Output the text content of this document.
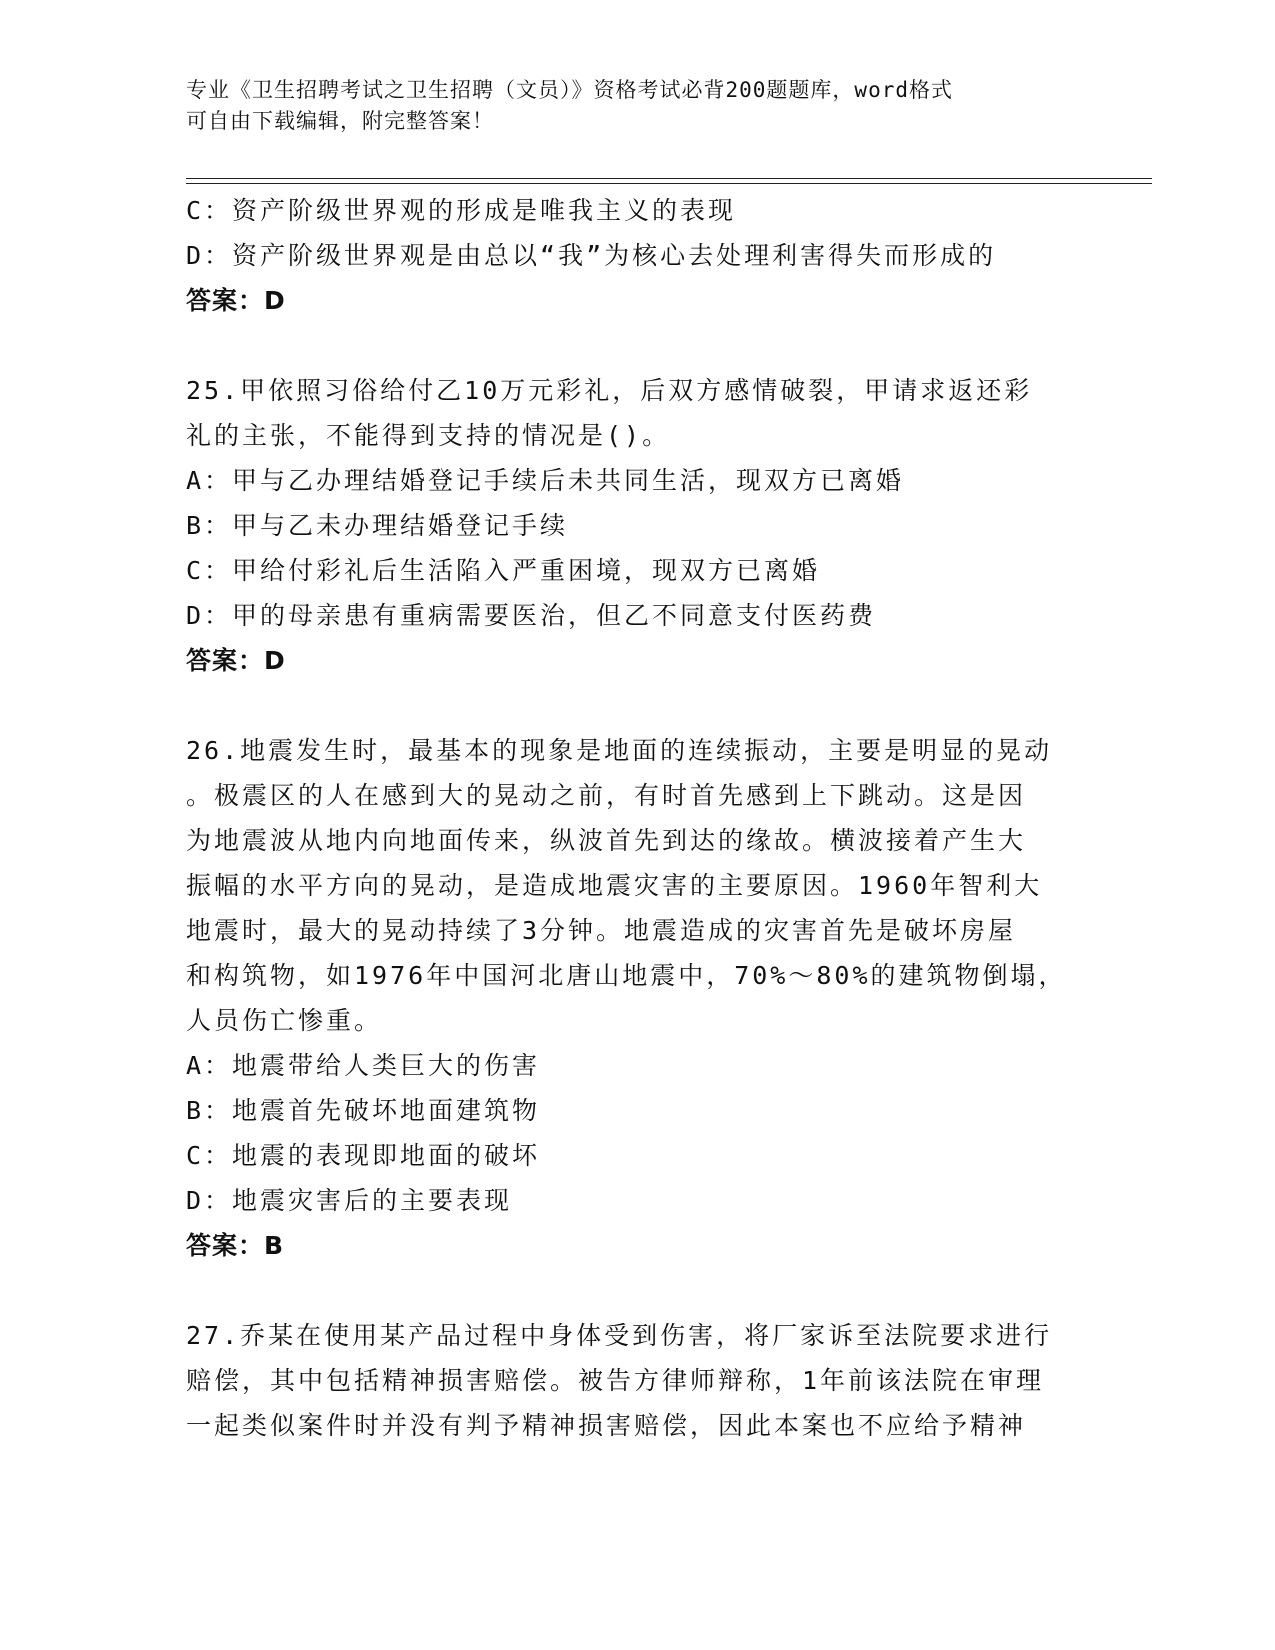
专业《卫生招聘考试之卫生招聘（文员）》资格考试必背200题题库，word格式
可自由下载编辑，附完整答案！

C：资产阶级世界观的形成是唯我主义的表现

D：资产阶级世界观是由总以“我”为核心去处理利害得失而形成的

答案：D

25.甲依照习俗给付乙10万元彩礼，后双方感情破裂，甲请求返还彩

礼的主张，不能得到支持的情况是()。

A：甲与乙办理结婚登记手续后未共同生活，现双方已离婚

B：甲与乙未办理结婚登记手续

C：甲给付彩礼后生活陷入严重困境，现双方已离婚

D：甲的母亲患有重病需要医治，但乙不同意支付医药费

答案：D

26.地震发生时，最基本的现象是地面的连续振动，主要是明显的晃动

。极震区的人在感到大的晃动之前，有时首先感到上下跳动。这是因

为地震波从地内向地面传来，纵波首先到达的缘故。横波接着产生大

振幅的水平方向的晃动，是造成地震灾害的主要原因。1960年智利大

地震时，最大的晃动持续了3分钟。地震造成的灾害首先是破坏房屋

和构筑物，如1976年中国河北唐山地震中，70%～80%的建筑物倒塌，

人员伤亡惨重。

A：地震带给人类巨大的伤害

B：地震首先破坏地面建筑物

C：地震的表现即地面的破坏

D：地震灾害后的主要表现

答案：B

27.乔某在使用某产品过程中身体受到伤害，将厂家诉至法院要求进行

赔偿，其中包括精神损害赔偿。被告方律师辩称，1年前该法院在审理

一起类似案件时并没有判予精神损害赔偿，因此本案也不应给予精神
